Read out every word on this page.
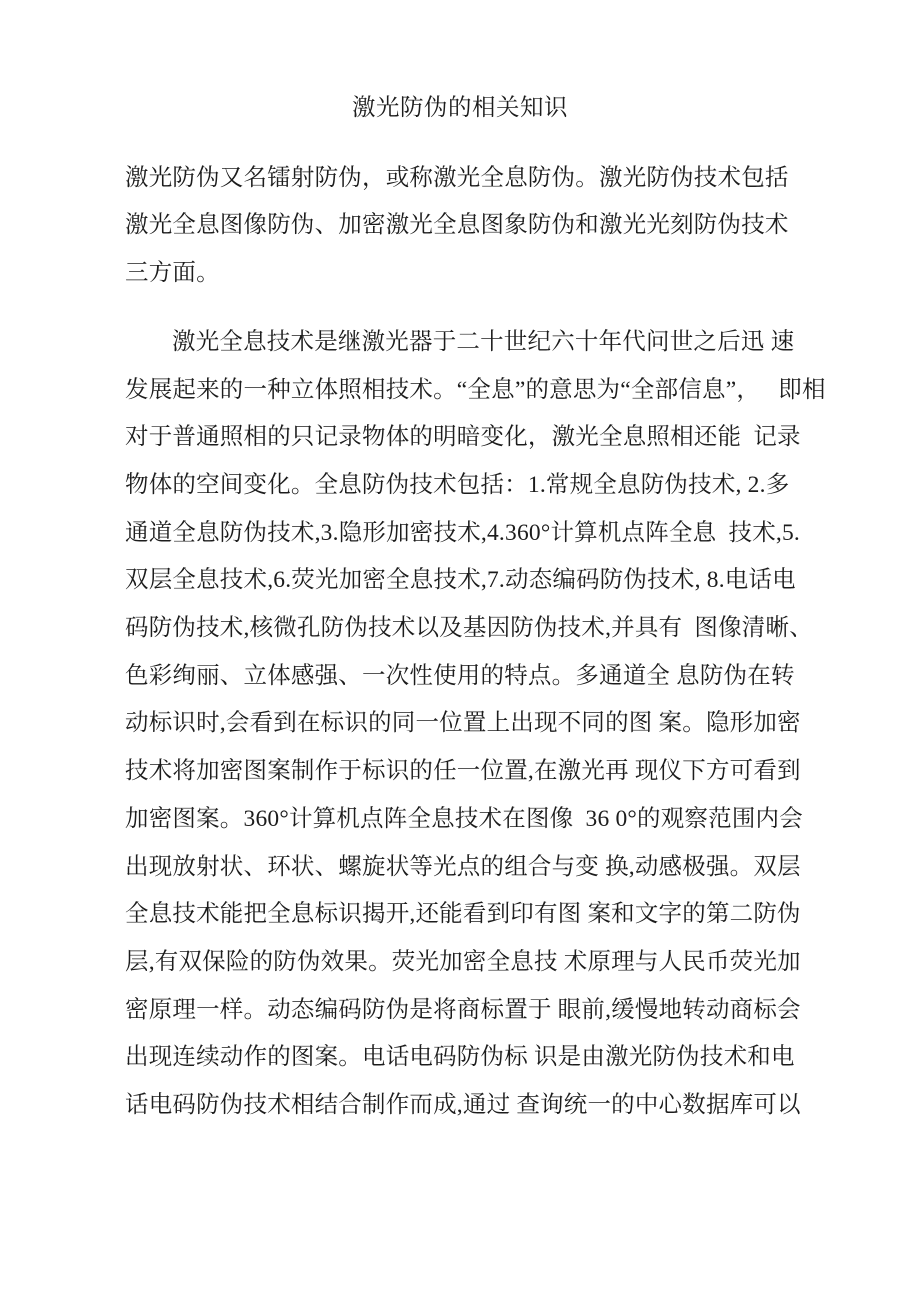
激光防伪的相关知识
激光防伪又名镭射防伪，或称激光全息防伪。激光防伪技术包括
激光全息图像防伪、加密激光全息图象防伪和激光光刻防伪技术
三方面。
激光全息技术是继激光器于二十世纪六十年代问世之后迅 速
发展起来的一种立体照相技术。“全息”的意思为“全部信息”，   即相
对于普通照相的只记录物体的明暗变化，激光全息照相还能  记录
物体的空间变化。全息防伪技术包括：1.常规全息防伪技术, 2.多
通道全息防伪技术,3.隐形加密技术,4.360°计算机点阵全息  技术,5.
双层全息技术,6.荧光加密全息技术,7.动态编码防伪技术, 8.电话电
码防伪技术,核微孔防伪技术以及基因防伪技术,并具有  图像清晰、
色彩绚丽、立体感强、一次性使用的特点。多通道全 息防伪在转
动标识时,会看到在标识的同一位置上出现不同的图 案。隐形加密
技术将加密图案制作于标识的任一位置,在激光再 现仪下方可看到
加密图案。360°计算机点阵全息技术在图像  36 0°的观察范围内会
出现放射状、环状、螺旋状等光点的组合与变 换,动感极强。双层
全息技术能把全息标识揭开,还能看到印有图 案和文字的第二防伪
层,有双保险的防伪效果。荧光加密全息技 术原理与人民币荧光加
密原理一样。动态编码防伪是将商标置于 眼前,缓慢地转动商标会
出现连续动作的图案。电话电码防伪标 识是由激光防伪技术和电
话电码防伪技术相结合制作而成,通过 查询统一的中心数据库可以
